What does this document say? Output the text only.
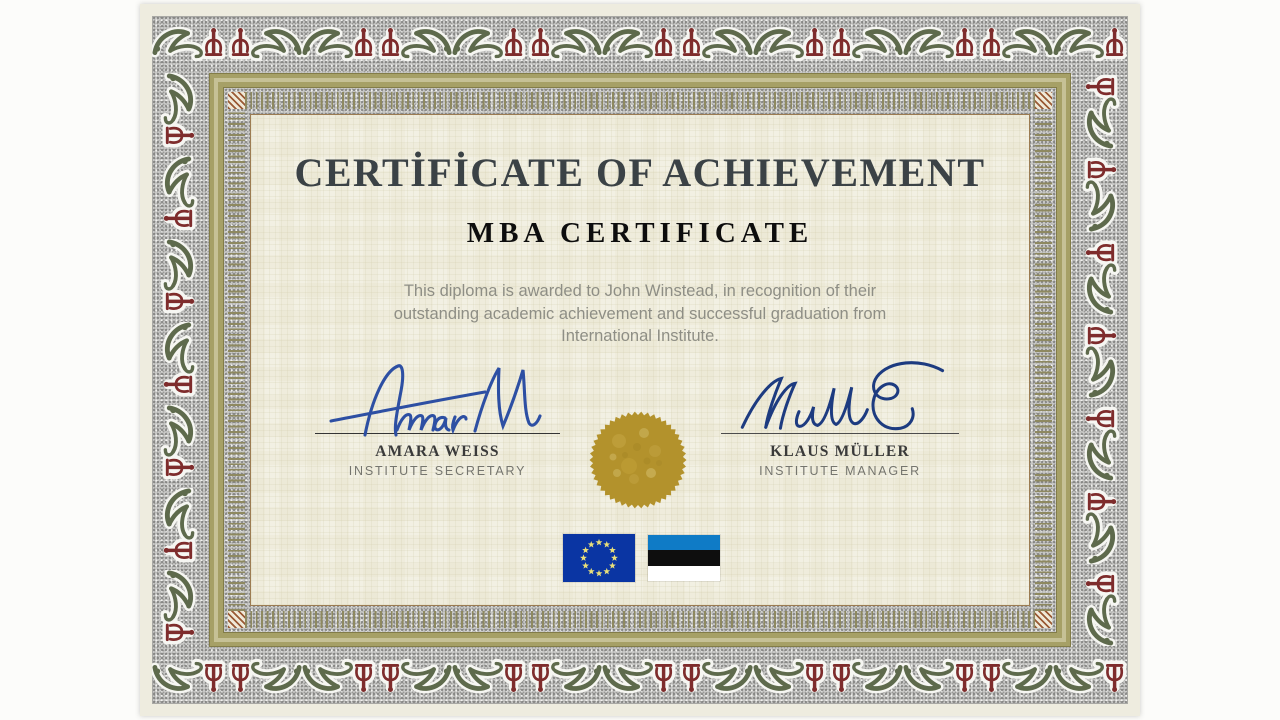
CERTİFİCATE OF ACHIEVEMENT
MBA CERTIFICATE
This diploma is awarded to John Winstead, in recognition of their outstanding academic achievement and successful graduation from International Institute.
AMARA WEISS
INSTITUTE SECRETARY
KLAUS MÜLLER
INSTITUTE MANAGER
